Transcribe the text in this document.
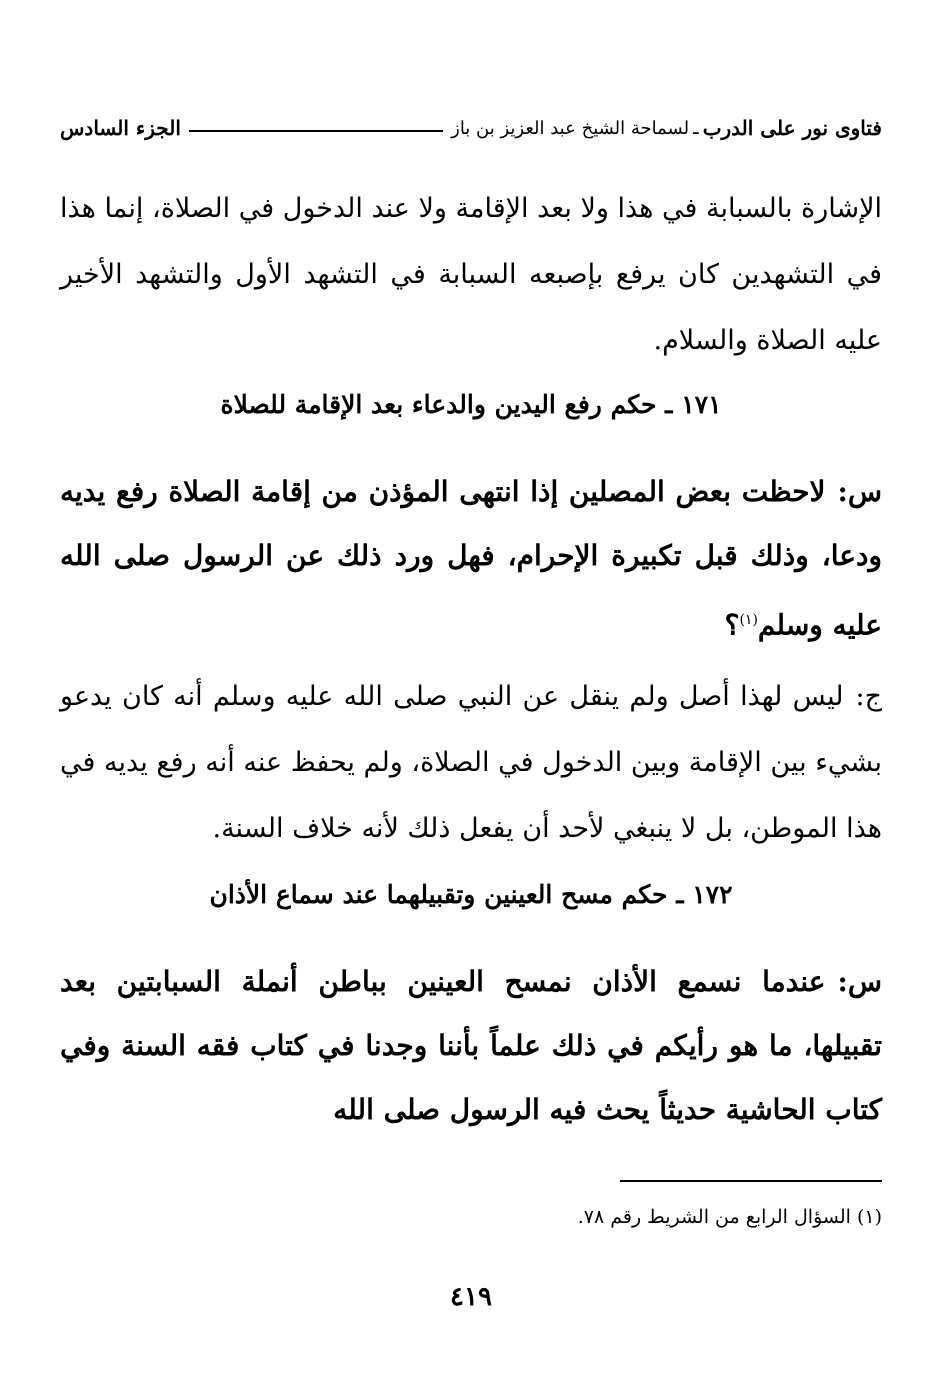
فتاوى نور على الدرب
ـ
لسماحة الشيخ عبد العزيز بن باز
الجزء السادس
الإشارة بالسبابة في هذا ولا بعد الإقامة ولا عند الدخول في الصلاة، إنما هذا في التشهدين كان يرفع بإصبعه السبابة في التشهد الأول والتشهد الأخير عليه الصلاة والسلام.
١٧١ ـ حكم رفع اليدين والدعاء بعد الإقامة للصلاة
س:لاحظت بعض المصلين إذا انتهى المؤذن من إقامة الصلاة رفع يديه ودعا، وذلك قبل تكبيرة الإحرام، فهل ورد ذلك عن الرسول صلى الله عليه وسلم$^{(١)}$؟
ج:ليس لهذا أصل ولم ينقل عن النبي صلى الله عليه وسلم أنه كان يدعو بشيء بين الإقامة وبين الدخول في الصلاة، ولم يحفظ عنه أنه رفع يديه في هذا الموطن، بل لا ينبغي لأحد أن يفعل ذلك لأنه خلاف السنة.
١٧٢ ـ حكم مسح العينين وتقبيلهما عند سماع الأذان
س:عندما نسمع الأذان نمسح العينين بباطن أنملة السبابتين بعد تقبيلها، ما هو رأيكم في ذلك علماً بأننا وجدنا في كتاب فقه السنة وفي كتاب الحاشية حديثاً يحث فيه الرسول صلى الله
(١) السؤال الرابع من الشريط رقم ٧٨.
٤١٩
